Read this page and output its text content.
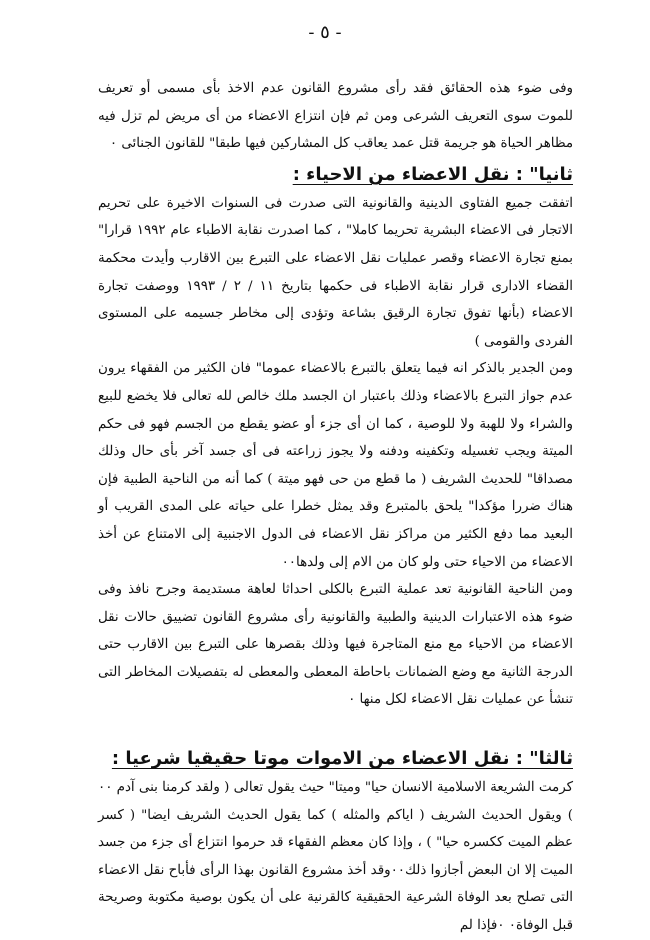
- ٥ -

وفى ضوء هذه الحقائق فقد رأى مشروع القانون عدم الاخذ بأى مسمى أو تعريف للموت سوى التعريف الشرعى ومن ثم فإن انتزاع الاعضاء من أى مريض لم تزل فيه مظاهر الحياة هو جريمة قتل عمد يعاقب كل المشاركين فيها طبقا" للقانون الجنائى ٠

ثانيا" : نقل الاعضاء من الاحياء :

اتفقت جميع الفتاوى الدينية والقانونية التى صدرت فى السنوات الاخيرة على تحريم الاتجار فى الاعضاء البشرية تحريما كاملا" ، كما اصدرت نقابة الاطباء عام ١٩٩٢ قرارا" بمنع تجارة الاعضاء وقصر عمليات نقل الاعضاء على التبرع بين الاقارب وأيدت محكمة القضاء الادارى قرار نقابة الاطباء فى حكمها بتاريخ ١١ / ٢ / ١٩٩٣ ووصفت تجارة الاعضاء (بأنها تفوق تجارة الرقيق بشاعة وتؤدى إلى مخاطر جسيمه على المستوى الفردى والقومى )

ومن الجدير بالذكر انه فيما يتعلق بالتبرع بالاعضاء عموما" فان الكثير من الفقهاء يرون عدم جواز التبرع بالاعضاء وذلك باعتبار ان الجسد ملك خالص لله تعالى فلا يخضع للبيع والشراء ولا للهبة ولا للوصية ، كما ان أى جزء أو عضو يقطع من الجسم فهو فى حكم الميتة ويجب تغسيله وتكفينه ودفنه ولا يجوز زراعته فى أى جسد آخر بأى حال وذلك مصداقا" للحديث الشريف ( ما قطع من حى فهو ميتة ) كما أنه من الناحية الطبية فإن هناك ضررا مؤكدا" يلحق بالمتبرع وقد يمثل خطرا على حياته على المدى القريب أو البعيد مما دفع الكثير من مراكز نقل الاعضاء فى الدول الاجنبية إلى الامتناع عن أخذ الاعضاء من الاحياء حتى ولو كان من الام إلى ولدها٠٠

ومن الناحية القانونية تعد عملية التبرع بالكلى احداثا لعاهة مستديمة وجرح نافذ وفى ضوء هذه الاعتبارات الدينية والطبية والقانونية رأى مشروع القانون تضييق حالات نقل الاعضاء من الاحياء مع منع المتاجرة فيها وذلك بقصرها على التبرع بين الاقارب حتى الدرجة الثانية مع وضع الضمانات باحاطة المعطى والمعطى له بتفصيلات المخاطر التى تنشأ عن عمليات نقل الاعضاء لكل منها ٠

ثالثا" : نقل الاعضاء من الاموات موتا حقيقيا شرعيا :

كرمت الشريعة الاسلامية الانسان حيا" وميتا" حيث يقول تعالى ( ولقد كرمنا بنى آدم ٠٠ ) ويقول الحديث الشريف ( اياكم والمثله ) كما يقول الحديث الشريف ايضا" ( كسر عظم الميت ككسره حيا" ) ، وإذا كان معظم الفقهاء قد حرموا انتزاع أى جزء من جسد الميت إلا ان البعض أجازوا ذلك٠٠وقد أخذ مشروع القانون بهذا الرأى فأباح نقل الاعضاء التى تصلح بعد الوفاة الشرعية الحقيقية كالقرنية على أن يكون بوصية مكتوبة وصريحة قبل الوفاة٠ ٠فإذا لم
